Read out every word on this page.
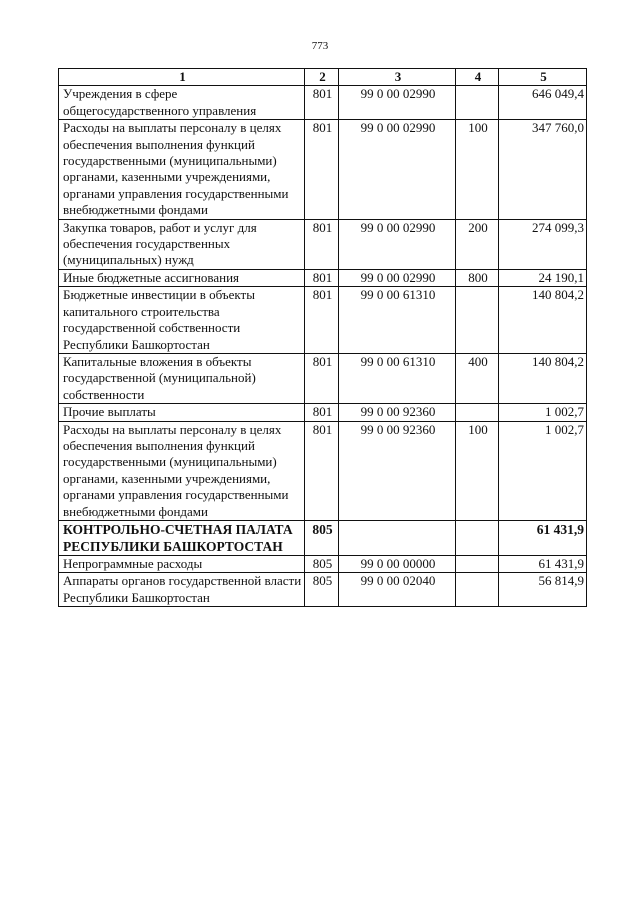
773
1	2	3	4	5
Учреждения в сфере общегосударственного управления	801	99 0 00 02990		646 049,4
Расходы на выплаты персоналу в целях обеспечения выполнения функций государственными (муниципальными) органами, казенными учреждениями, органами управления государственными внебюджетными фондами	801	99 0 00 02990	100	347 760,0
Закупка товаров, работ и услуг для обеспечения государственных (муниципальных) нужд	801	99 0 00 02990	200	274 099,3
Иные бюджетные ассигнования	801	99 0 00 02990	800	24 190,1
Бюджетные инвестиции в объекты капитального строительства государственной собственности Республики Башкортостан	801	99 0 00 61310		140 804,2
Капитальные вложения в объекты государственной (муниципальной) собственности	801	99 0 00 61310	400	140 804,2
Прочие выплаты	801	99 0 00 92360		1 002,7
Расходы на выплаты персоналу в целях обеспечения выполнения функций государственными (муниципальными) органами, казенными учреждениями, органами управления государственными внебюджетными фондами	801	99 0 00 92360	100	1 002,7
КОНТРОЛЬНО-СЧЕТНАЯ ПАЛАТА РЕСПУБЛИКИ БАШКОРТОСТАН	805			61 431,9
Непрограммные расходы	805	99 0 00 00000		61 431,9
Аппараты органов государственной власти Республики Башкортостан	805	99 0 00 02040		56 814,9
